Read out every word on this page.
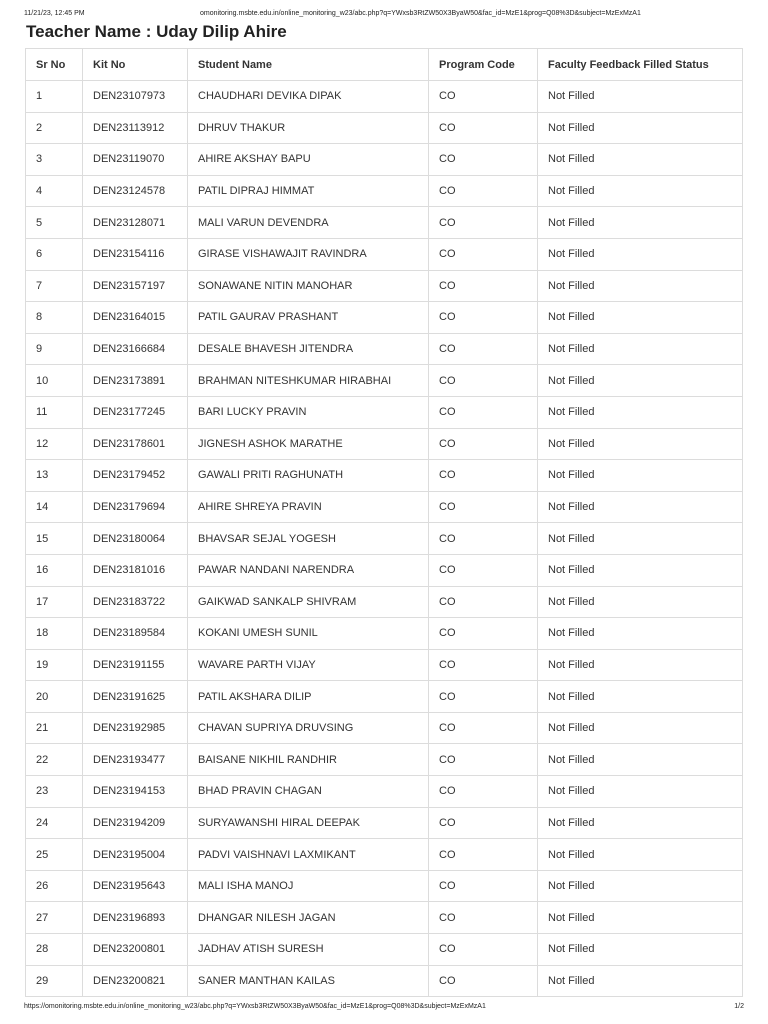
11/21/23, 12:45 PM	omonitoring.msbte.edu.in/online_monitoring_w23/abc.php?q=YWxsb3RtZW50X3ByaW50&fac_id=MzE1&prog=Q08%3D&subject=MzExMzA1
Teacher Name : Uday Dilip Ahire
Sr No	Kit No	Student Name	Program Code	Faculty Feedback Filled Status
1	DEN23107973	CHAUDHARI DEVIKA DIPAK	CO	Not Filled
2	DEN23113912	DHRUV THAKUR	CO	Not Filled
3	DEN23119070	AHIRE AKSHAY BAPU	CO	Not Filled
4	DEN23124578	PATIL DIPRAJ HIMMAT	CO	Not Filled
5	DEN23128071	MALI VARUN DEVENDRA	CO	Not Filled
6	DEN23154116	GIRASE VISHAWAJIT RAVINDRA	CO	Not Filled
7	DEN23157197	SONAWANE NITIN MANOHAR	CO	Not Filled
8	DEN23164015	PATIL GAURAV PRASHANT	CO	Not Filled
9	DEN23166684	DESALE BHAVESH JITENDRA	CO	Not Filled
10	DEN23173891	BRAHMAN NITESHKUMAR HIRABHAI	CO	Not Filled
11	DEN23177245	BARI LUCKY PRAVIN	CO	Not Filled
12	DEN23178601	JIGNESH ASHOK MARATHE	CO	Not Filled
13	DEN23179452	GAWALI PRITI RAGHUNATH	CO	Not Filled
14	DEN23179694	AHIRE SHREYA PRAVIN	CO	Not Filled
15	DEN23180064	BHAVSAR SEJAL YOGESH	CO	Not Filled
16	DEN23181016	PAWAR NANDANI NARENDRA	CO	Not Filled
17	DEN23183722	GAIKWAD SANKALP SHIVRAM	CO	Not Filled
18	DEN23189584	KOKANI UMESH SUNIL	CO	Not Filled
19	DEN23191155	WAVARE PARTH VIJAY	CO	Not Filled
20	DEN23191625	PATIL AKSHARA DILIP	CO	Not Filled
21	DEN23192985	CHAVAN SUPRIYA DRUVSING	CO	Not Filled
22	DEN23193477	BAISANE NIKHIL RANDHIR	CO	Not Filled
23	DEN23194153	BHAD PRAVIN CHAGAN	CO	Not Filled
24	DEN23194209	SURYAWANSHI HIRAL DEEPAK	CO	Not Filled
25	DEN23195004	PADVI VAISHNAVI LAXMIKANT	CO	Not Filled
26	DEN23195643	MALI ISHA MANOJ	CO	Not Filled
27	DEN23196893	DHANGAR NILESH JAGAN	CO	Not Filled
28	DEN23200801	JADHAV ATISH SURESH	CO	Not Filled
29	DEN23200821	SANER MANTHAN KAILAS	CO	Not Filled
https://omonitoring.msbte.edu.in/online_monitoring_w23/abc.php?q=YWxsb3RtZW50X3ByaW50&fac_id=MzE1&prog=Q08%3D&subject=MzExMzA1	1/2
